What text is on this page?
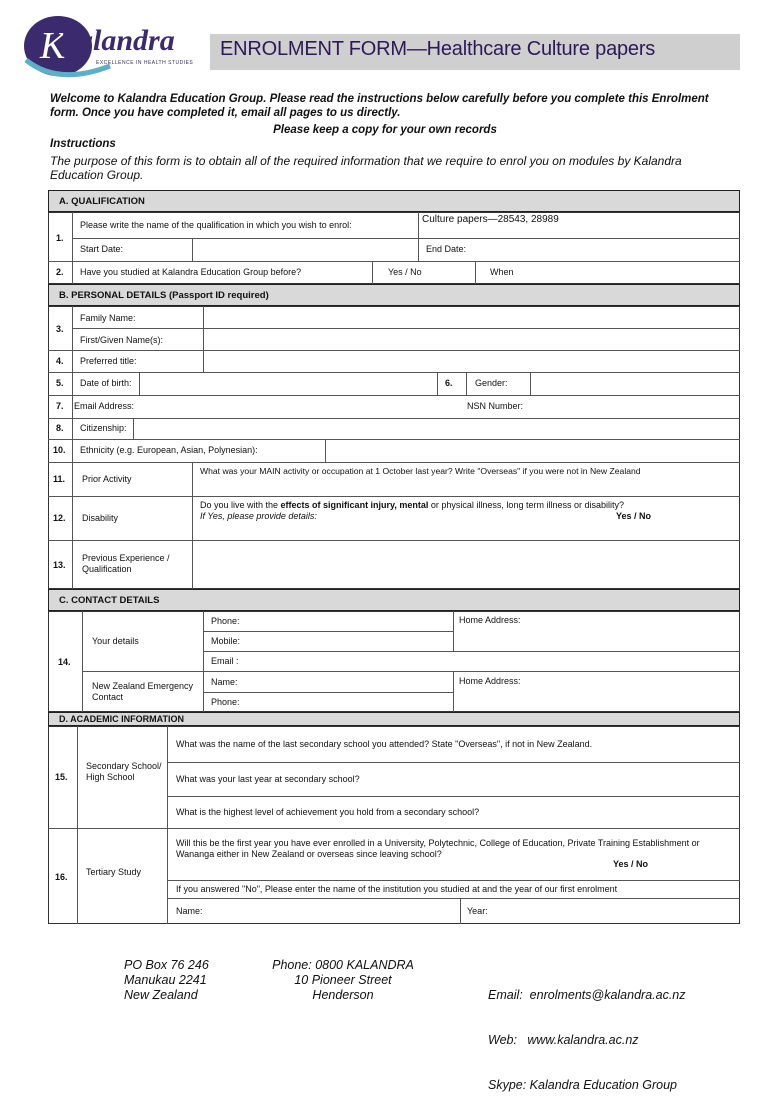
K
Kalandra
EXCELLENCE IN HEALTH STUDIES
ENROLMENT FORM—Healthcare Culture papers
Welcome to Kalandra Education Group. Please read the instructions below carefully before you complete this Enrolment form. Once you have completed it, email all pages to us directly.
Please keep a copy for your own records
Instructions
The purpose of this form is to obtain all of the required information that we require to enrol you on modules by Kalandra Education Group.
A. QUALIFICATION
1.
Please write the name of the qualification in which you wish to enrol:	Culture papers—28543, 28989
Start Date:	End Date:
2. Have you studied at Kalandra Education Group before?	Yes / No	When
B. PERSONAL DETAILS (Passport ID required)
3.
Family Name:
First/Given Name(s):
4. Preferred title:
5. Date of birth:	6. Gender:
7. Email Address:	NSN Number:
8. Citizenship:
10. Ethnicity (e.g. European, Asian, Polynesian):
11. Prior Activity
What was your MAIN activity or occupation at 1 October last year? Write "Overseas" if you were not in New Zealand
12. Disability
Do you live with the effects of significant injury, mental or physical illness, long term illness or disability?
If Yes, please provide details:	Yes / No
13.
Previous Experience / Qualification
C. CONTACT DETAILS
14.
Your details
Phone:	Home Address:
Mobile:
Email :
New Zealand Emergency Contact
Name:	Home Address:
Phone:
D. ACADEMIC INFORMATION
15.
Secondary School/ High School
What was the name of the last secondary school you attended? State "Overseas", if not in New Zealand.
What was your last year at secondary school?
What is the highest level of achievement you hold from a secondary school?
16. Tertiary Study
Will this be the first year you have ever enrolled in a University, Polytechnic, College of Education, Private Training Establishment or Wananga either in New Zealand or overseas since leaving school?
Yes / No
If you answered "No", Please enter the name of the institution you studied at and the year of our first enrolment
Name:	Year:
PO Box 76 246
Manukau 2241
New Zealand
Phone: 0800 KALANDRA
10 Pioneer Street
Henderson

	Email:  enrolments@kalandra.ac.nz

Web:   www.kalandra.ac.nz

Skype: Kalandra Education Group
